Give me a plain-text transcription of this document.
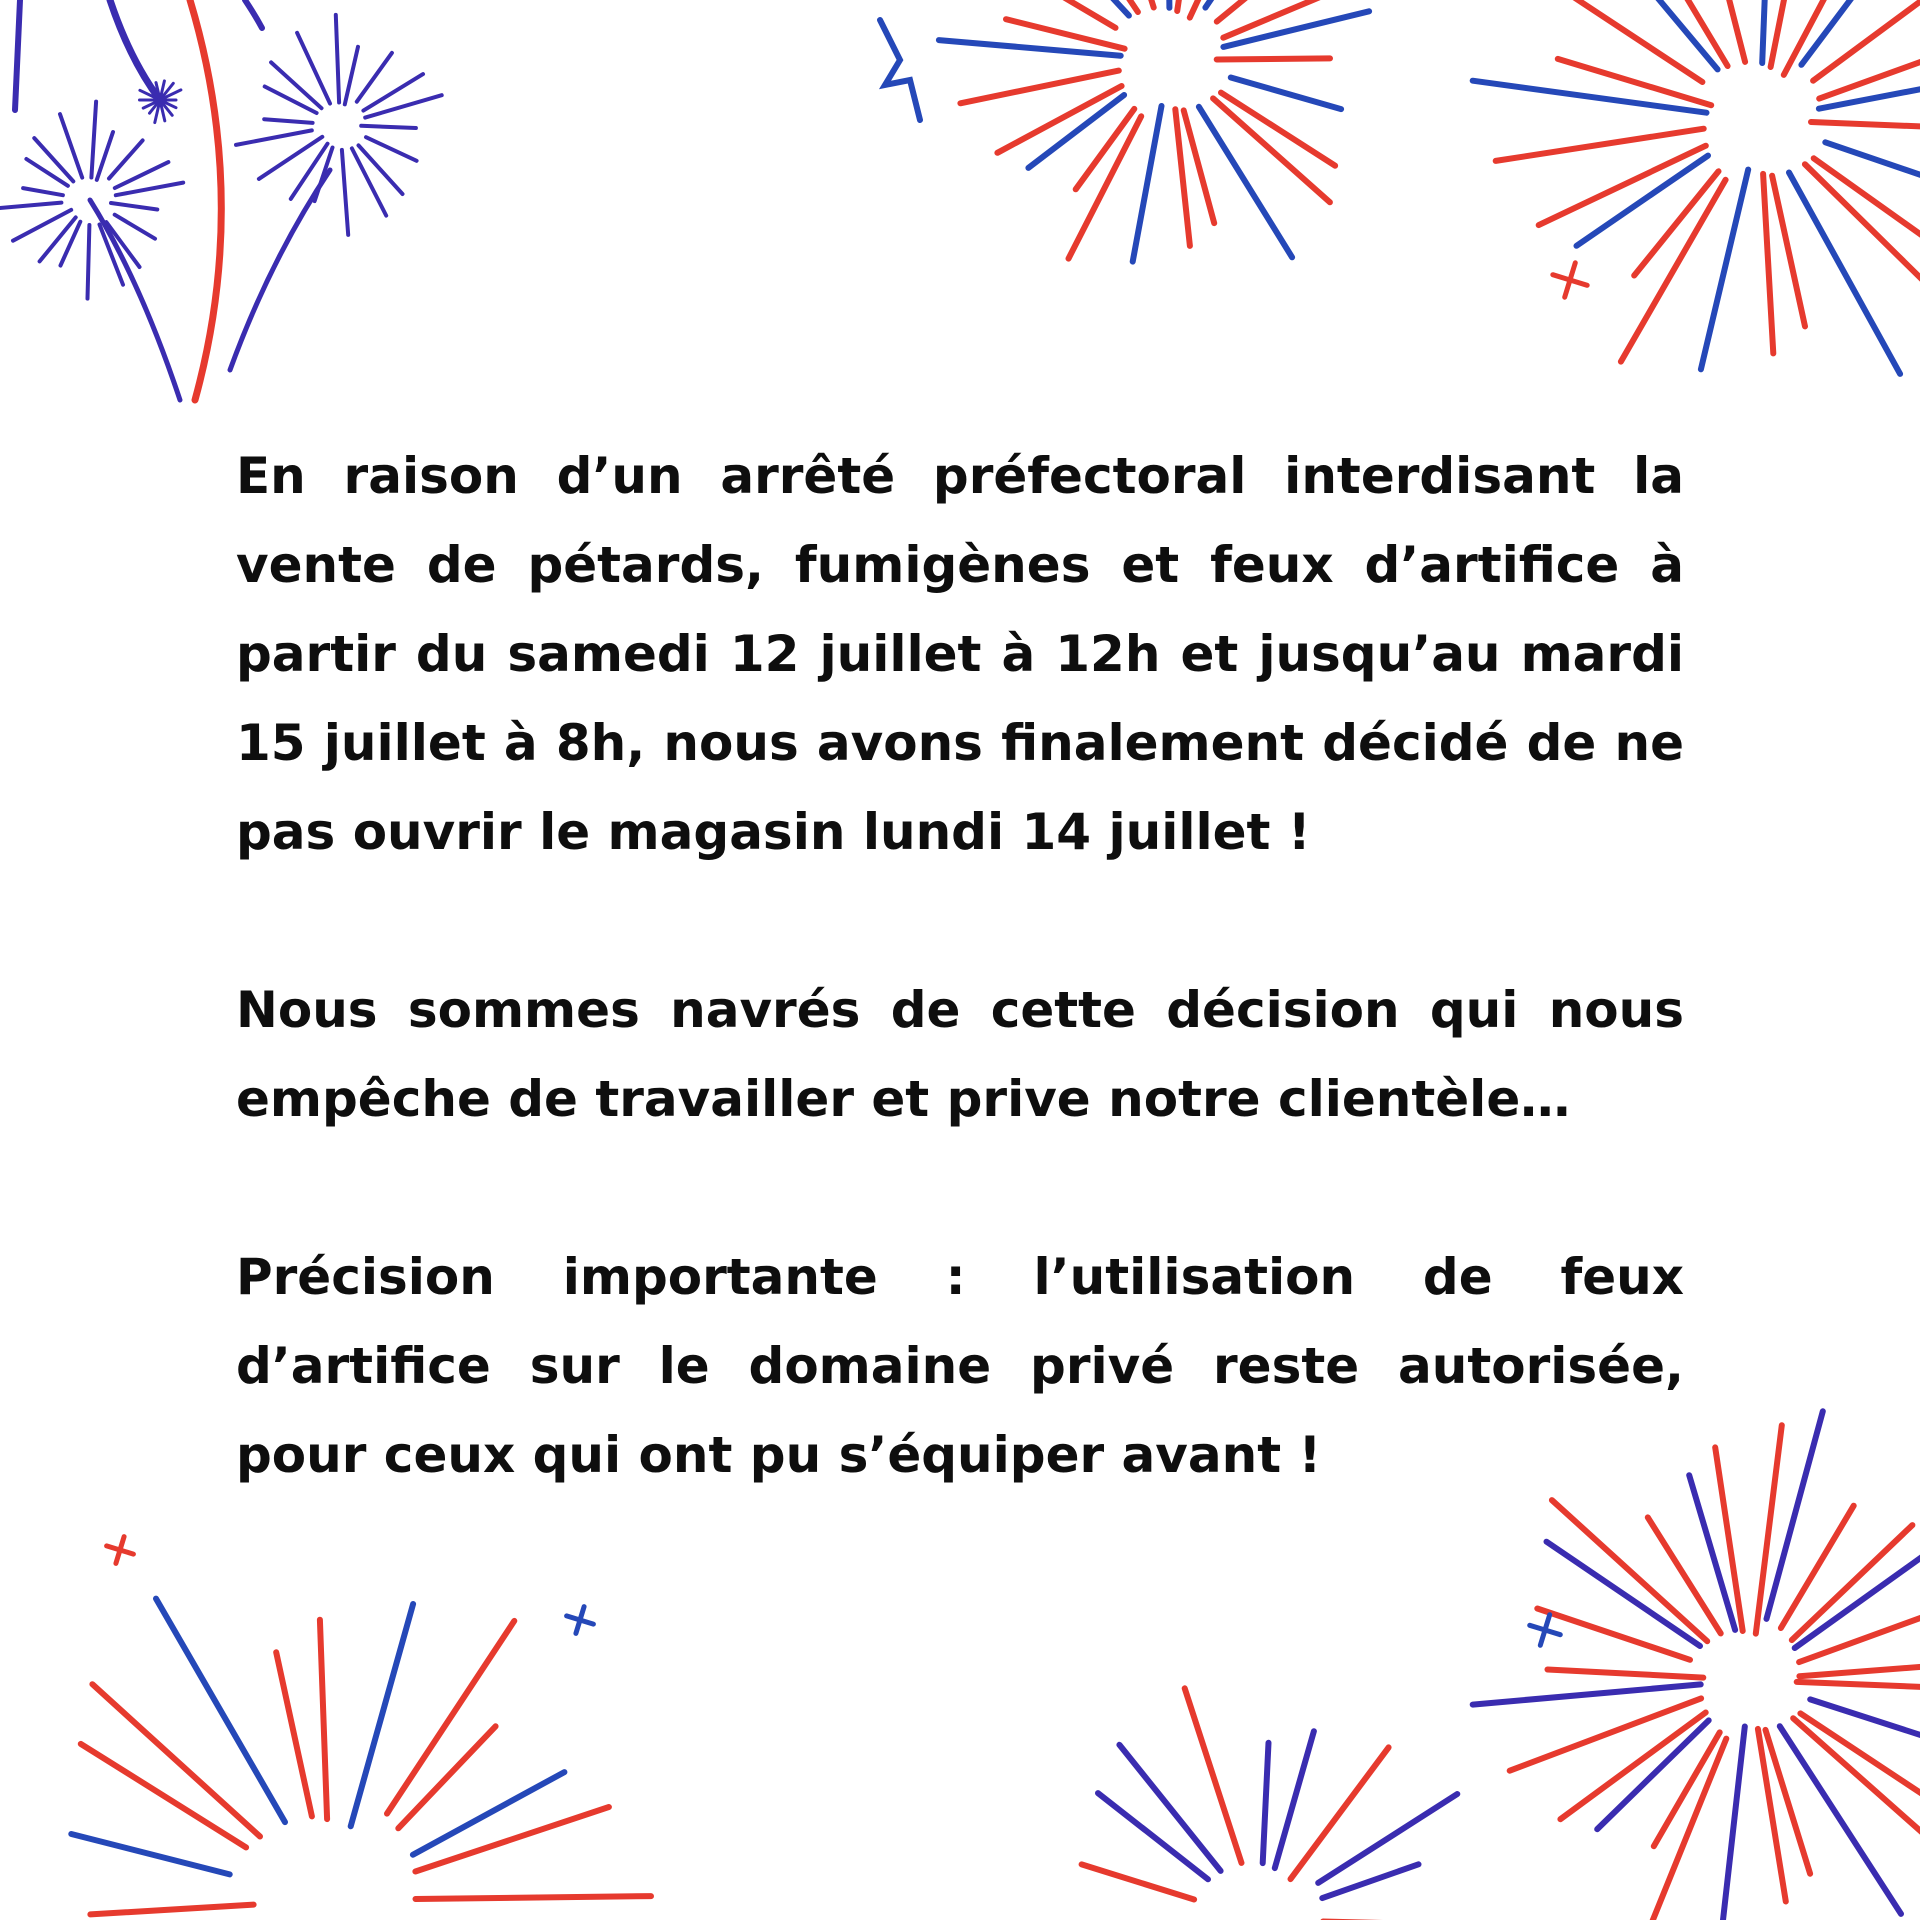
En raison d’un arrêté préfectoral interdisant la vente de pétards, fumigènes et feux d’artifice à partir du samedi 12 juillet à 12h et jusqu’au mardi 15 juillet à 8h, nous avons finalement décidé de ne pas ouvrir le magasin lundi 14 juillet !

Nous sommes navrés de cette décision qui nous empêche de travailler et prive notre clientèle…

Précision importante : l’utilisation de feux d’artifice sur le domaine privé reste autorisée, pour ceux qui ont pu s’équiper avant !
